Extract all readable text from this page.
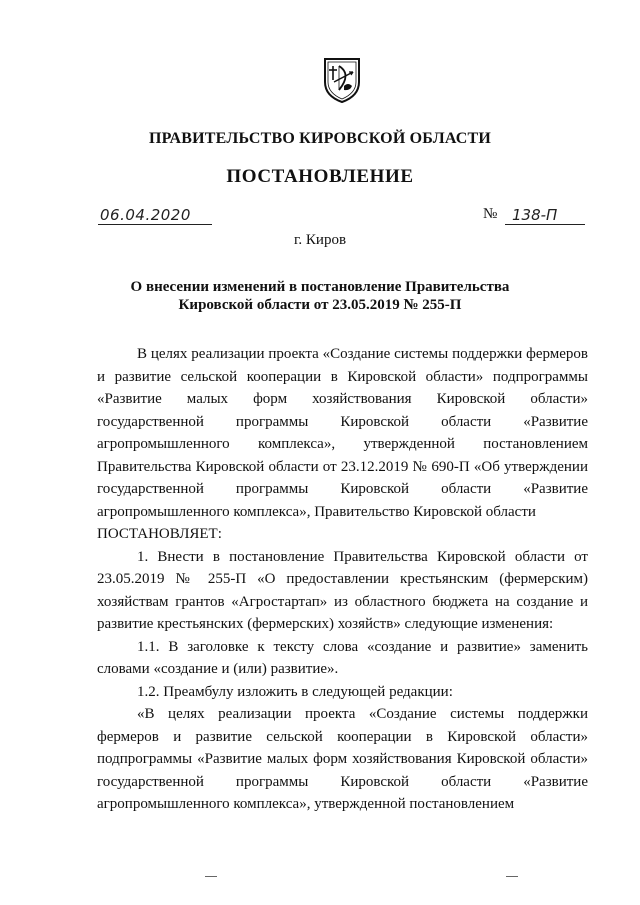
ПРАВИТЕЛЬСТВО КИРОВСКОЙ ОБЛАСТИ
ПОСТАНОВЛЕНИЕ
06.04.2020	№ 138-П
г. Киров
О внесении изменений в постановление Правительства
Кировской области от 23.05.2019 № 255-П

В целях реализации проекта «Создание системы поддержки фермеров и развитие сельской кооперации в Кировской области» подпрограммы «Развитие малых форм хозяйствования Кировской области» государственной программы Кировской области «Развитие агропромышленного комплекса», утвержденной постановлением Правительства Кировской области от 23.12.2019 № 690-П «Об утверждении государственной программы Кировской области «Развитие агропромышленного комплекса», Правительство Кировской области

ПОСТАНОВЛЯЕТ:

1. Внести в постановление Правительства Кировской области от 23.05.2019 № 255-П «О предоставлении крестьянским (фермерским) хозяйствам грантов «Агростартап» из областного бюджета на создание и развитие крестьянских (фермерских) хозяйств» следующие изменения:

1.1. В заголовке к тексту слова «создание и развитие» заменить словами «создание и (или) развитие».

1.2. Преамбулу изложить в следующей редакции:

«В целях реализации проекта «Создание системы поддержки фермеров и развитие сельской кооперации в Кировской области» подпрограммы «Развитие малых форм хозяйствования Кировской области» государственной программы Кировской области «Развитие агропромышленного комплекса», утвержденной постановлением
